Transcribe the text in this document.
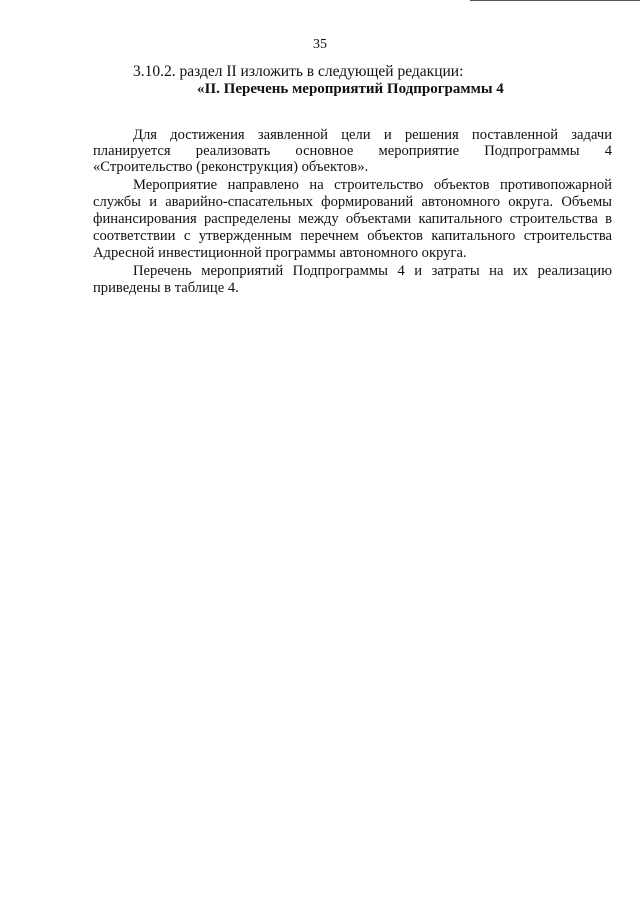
35
3.10.2. раздел II изложить в следующей редакции:
«II. Перечень мероприятий Подпрограммы 4
Для достижения заявленной цели и решения поставленной задачи
планируется реализовать основное мероприятие Подпрограммы 4
«Строительство (реконструкция) объектов».
Мероприятие направлено на строительство объектов противопожарной
службы и аварийно-спасательных формирований автономного округа. Объемы
финансирования распределены между объектами капитального строительства в
соответствии с утвержденным перечнем объектов капитального строительства
Адресной инвестиционной программы автономного округа.
Перечень мероприятий Подпрограммы 4 и затраты на их реализацию
приведены в таблице 4.
